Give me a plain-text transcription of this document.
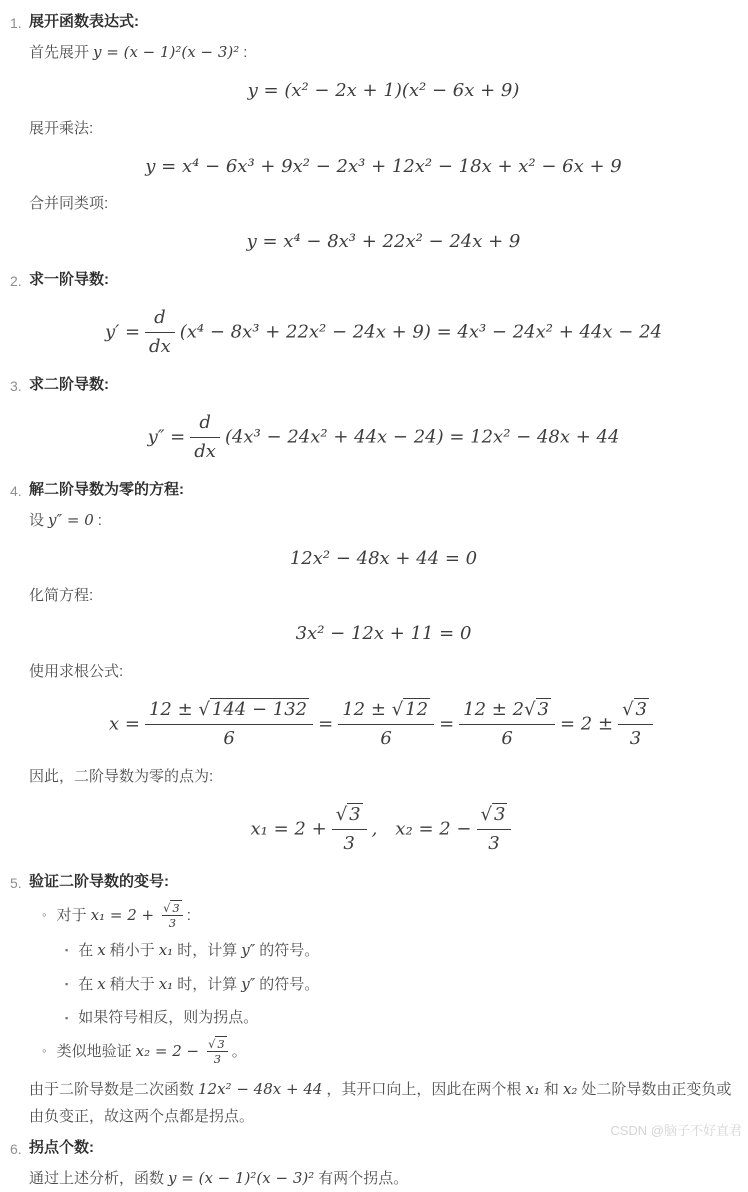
1. 展开函数表达式:

首先展开 y = (x − 1)²(x − 3)² :

y = (x² − 2x + 1)(x² − 6x + 9)

展开乘法:

y = x⁴ − 6x³ + 9x² − 2x³ + 12x² − 18x + x² − 6x + 9

合并同类项:

y = x⁴ − 8x³ + 22x² − 24x + 9
2. 求一阶导数:
$y' = \frac{d}{dx} (x^4 - 8x^3 + 22x^2 - 24x + 9) = 4x^3 - 24x^2 + 44x - 24$
3. 求二阶导数:
$y'' = \frac{d}{dx} (4x^3 - 24x^2 + 44x - 24) = 12x^2 - 48x + 44$
4. 解二阶导数为零的方程:

设 y″ = 0 :

12x² − 48x + 44 = 0

化简方程:

3x² − 12x + 11 = 0

使用求根公式:

$x = \frac{12 \pm √ 144 - 132}{6} = \frac{12 \pm √ 12}{6} = \frac{12 \pm 2 √ 3}{6} = 2$ ± √ $\frac{3}{3}$

因此，二阶导数为零的点为:

x₁ = 2 + √ $\frac{3}{3}$ , x₂ = 2 − √ $\frac{3}{3}$
5. 验证二阶导数的变号:
◦ 对于 x₁ = 2 + √ $\frac{3}{3}$ :
▪ 在 x 稍小于 x₁ 时，计算 y″ 的符号。
▪ 在 x 稍大于 x₁ 时，计算 y″ 的符号。
▪ 如果符号相反，则为拐点。
◦ 类似地验证 x₂ = 2 − √ $\frac{3}{3}$ 。

由于二阶导数是二次函数 12x² − 48x + 44 ，其开口向上，因此在两个根 x₁ 和 x₂ 处二阶导数由正变负或由负变正，故这两个点都是拐点。

6. 拐点个数:

通过上述分析，函数 y = (x − 1)²(x − 3)² 有两个拐点。

CSDN @脑子不好直君
